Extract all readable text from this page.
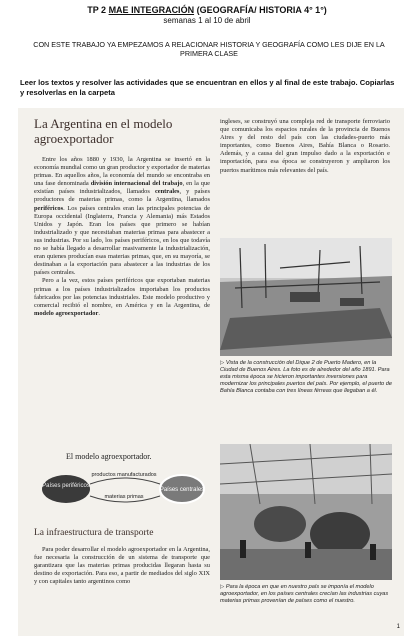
TP 2 MAE INTEGRACIÓN (GEOGRAFÍA/ HISTORIA 4° 1°)
semanas 1 al 10 de abril
CON ESTE TRABAJO YA EMPEZAMOS A RELACIONAR HISTORIA Y GEOGRAFÍA COMO LES DIJE EN LA PRIMERA CLASE
Leer los textos y resolver las actividades que se encuentran en ellos y al final de este trabajo. Copiarlas y resolverlas en la carpeta
La Argentina en el modelo agroexportador
Entre los años 1880 y 1930, la Argentina se insertó en la economía mundial como un gran productor y exportador de materias primas. En aquellos años, la economía del mundo se encontraba en una fase denominada división internacional del trabajo, en la que existían países industrializados, llamados centrales, y países productores de materias primas, como la Argentina, llamados periféricos. Los países centrales eran las principales potencias de Europa occidental (Inglaterra, Francia y Alemania) más Estados Unidos y Japón. Eran los países que primero se habían industrializado y que necesitaban materias primas para abastecer a sus industrias. Por su lado, los países periféricos, en los que todavía no se había llegado a desarrollar masivamente la industrialización, eran quienes producían esas materias primas, que, en su mayoría, se destinaban a la exportación para abastecer a las industrias de los países centrales.
Pero a la vez, estos países periféricos que exportaban materias primas a los países industrializados importaban los productos fabricados por las potencias industriales. Este modelo productivo y comercial recibió el nombre, en América y en la Argentina, de modelo agroexportador.
El modelo agroexportador.
Países periféricos
Países centrales
productos manufacturados
materias primas
La infraestructura de transporte
Para poder desarrollar el modelo agroexportador en la Argentina, fue necesaria la construcción de un sistema de transporte que garantizara que las materias primas producidas llegaran hasta su destino de exportación. Para eso, a partir de mediados del siglo XIX y con capitales tanto argentinos como
ingleses, se construyó una compleja red de transporte ferroviario que comunicaba los espacios rurales de la provincia de Buenos Aires y del resto del país con las ciudades-puerto más importantes, como Buenos Aires, Bahía Blanca o Rosario. Además, y a causa del gran impulso dado a la exportación e importación, para esa época se construyeron y ampliaron los puertos marítimos más relevantes del país.
▷ Vista de la construcción del Dique 2 de Puerto Madero, en la Ciudad de Buenos Aires. La foto es de alrededor del año 1891. Para esta misma época se hicieron importantes inversiones para modernizar los principales puertos del país. Por ejemplo, el puerto de Bahía Blanca contaba con tres líneas férreas que llegaban a él.
▷ Para la época en que en nuestro país se imponía el modelo agroexportador, en los países centrales crecían las industrias cuyas materias primas provenían de países como el nuestro.
1
